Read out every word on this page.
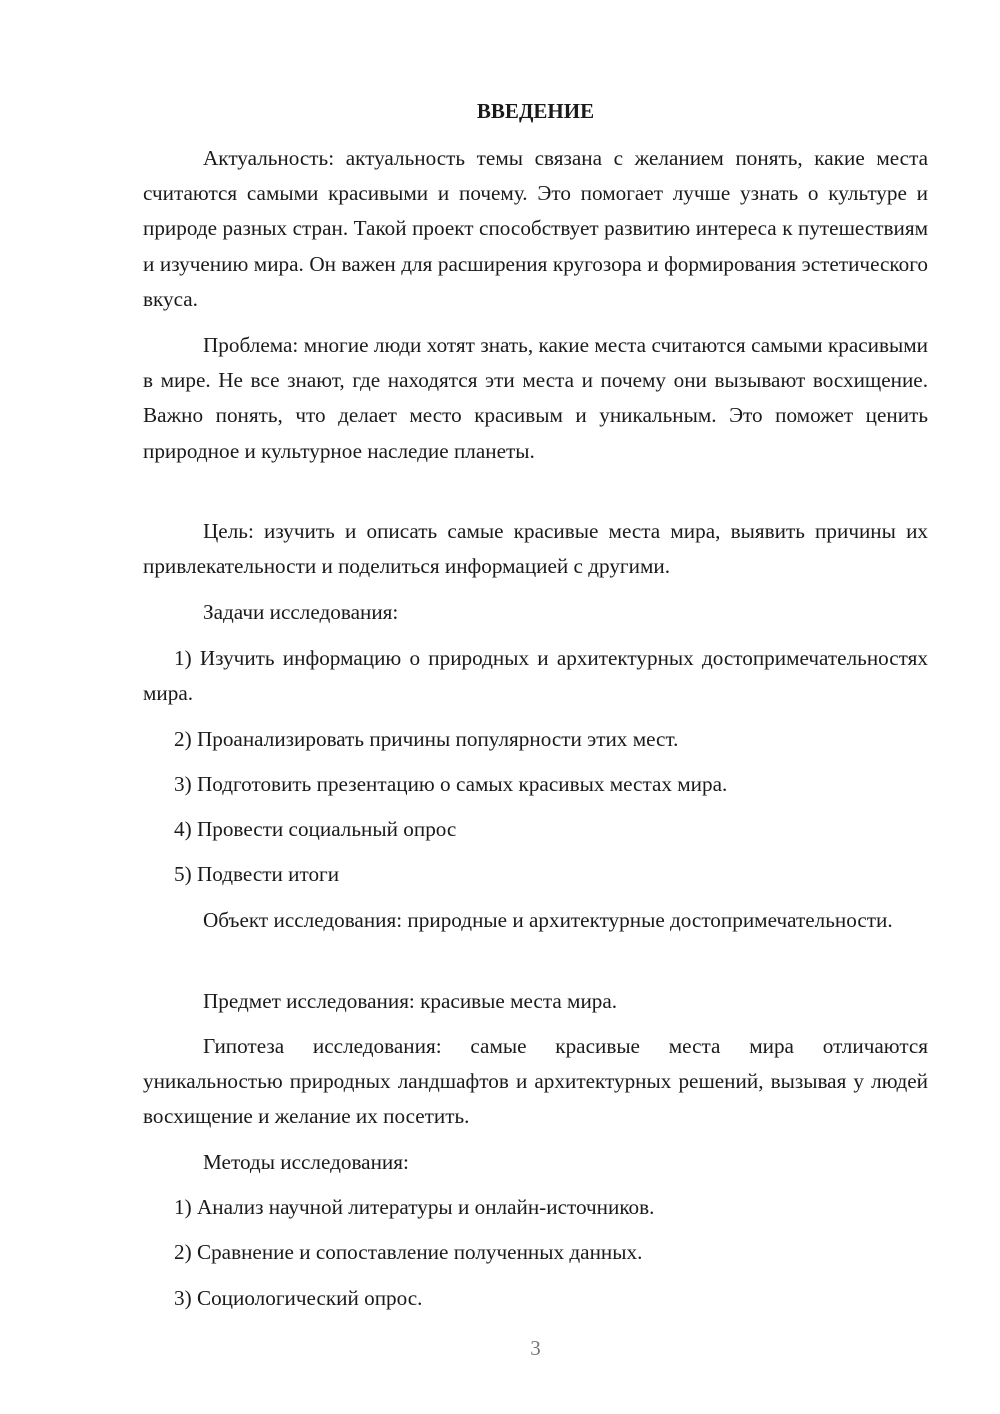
ВВЕДЕНИЕ

Актуальность: актуальность темы связана с желанием понять, какие места считаются самыми красивыми и почему. Это помогает лучше узнать о культуре и природе разных стран. Такой проект способствует развитию интереса к путешествиям и изучению мира. Он важен для расширения кругозора и формирования эстетического вкуса.

Проблема: многие люди хотят знать, какие места считаются самыми красивыми в мире. Не все знают, где находятся эти места и почему они вызывают восхищение. Важно понять, что делает место красивым и уникальным. Это поможет ценить природное и культурное наследие планеты.

Цель: изучить и описать самые красивые места мира, выявить причины их привлекательности и поделиться информацией с другими.

Задачи исследования:

1) Изучить информацию о природных и архитектурных достопримечательностях мира.

2) Проанализировать причины популярности этих мест.

3) Подготовить презентацию о самых красивых местах мира.

4) Провести социальный опрос

5) Подвести итоги

Объект исследования: природные и архитектурные достопримечательности.

Предмет исследования: красивые места мира.

Гипотеза исследования: самые красивые места мира отличаются уникальностью природных ландшафтов и архитектурных решений, вызывая у людей восхищение и желание их посетить.

Методы исследования:

1) Анализ научной литературы и онлайн-источников.

2) Сравнение и сопоставление полученных данных.

3) Социологический опрос.

3
